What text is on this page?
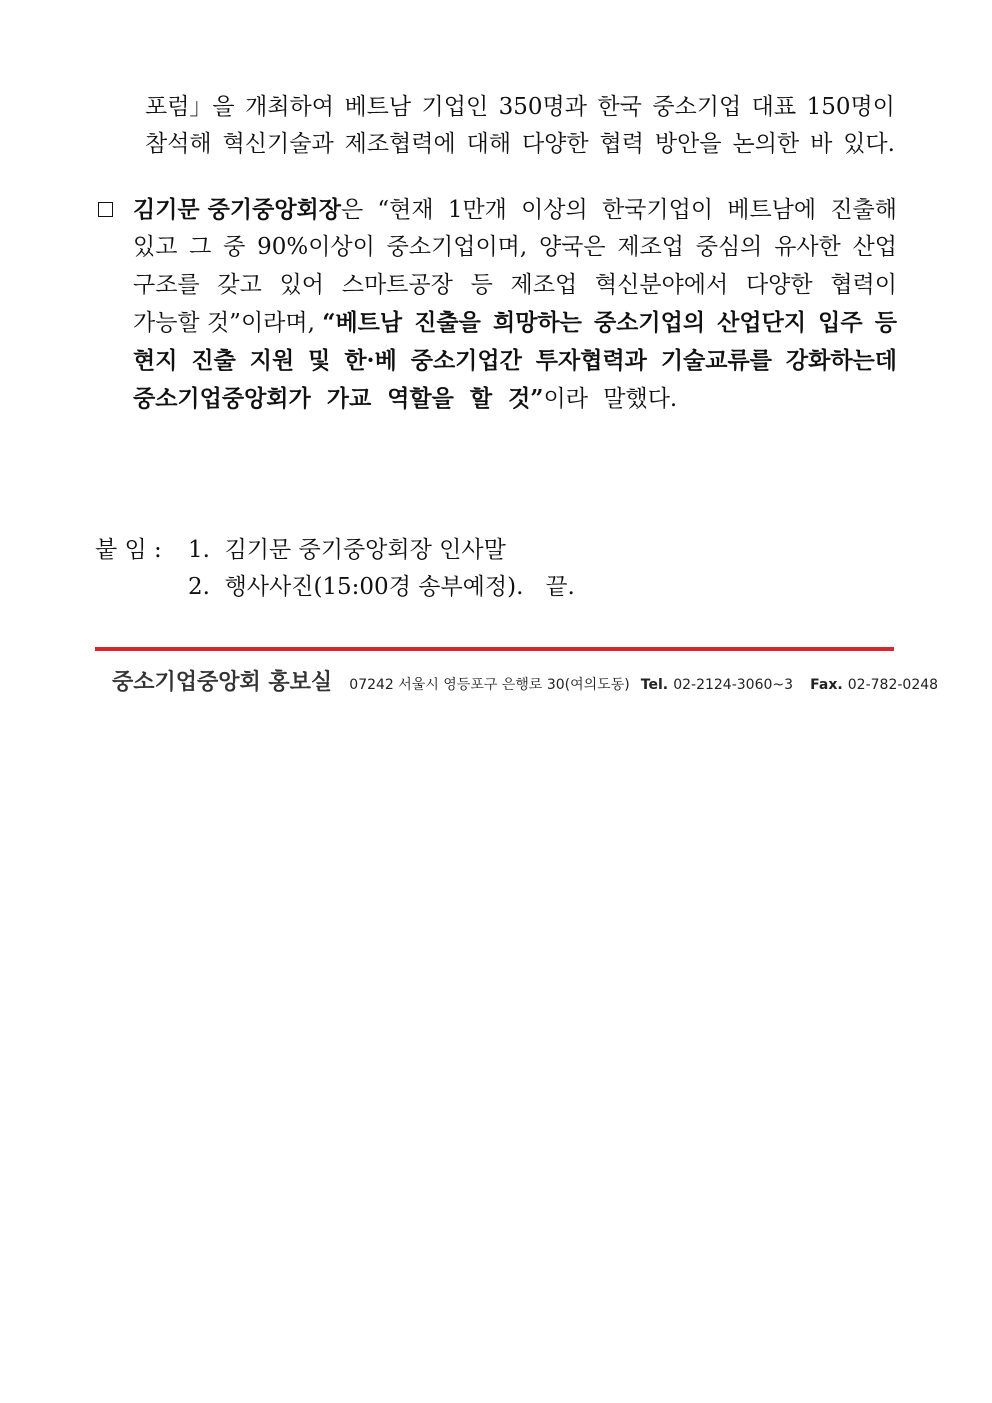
포럼」을 개최하여 베트남 기업인 350명과 한국 중소기업 대표 150명이
참석해 혁신기술과 제조협력에 대해 다양한 협력 방안을 논의한 바 있다.
김기문 중기중앙회장 은 “현재 1만개 이상의 한국기업이 베트남에 진출해
있고 그 중 90%이상이 중소기업이며, 양국은 제조업 중심의 유사한 산업
구조를 갖고 있어 스마트공장 등 제조업 혁신분야에서 다양한 협력이
가능할 것”이라며, “베트남 진출을 희망하는 중소기업의 산업단지 입주 등
현지 진출 지원 및 한·베 중소기업간 투자협력과 기술교류를 강화하는데
중소기업중앙회가 가교 역할을 할 것”이라 말했다.
붙 임 : 1.  김기문 중기중앙회장 인사말
2.  행사사진(15:00경 송부예정).   끝.
중소기업중앙회 홍보실 07242 서울시 영등포구 은행로 30(여의도동) Tel. 02-2124-3060~3 Fax. 02-782-0248
